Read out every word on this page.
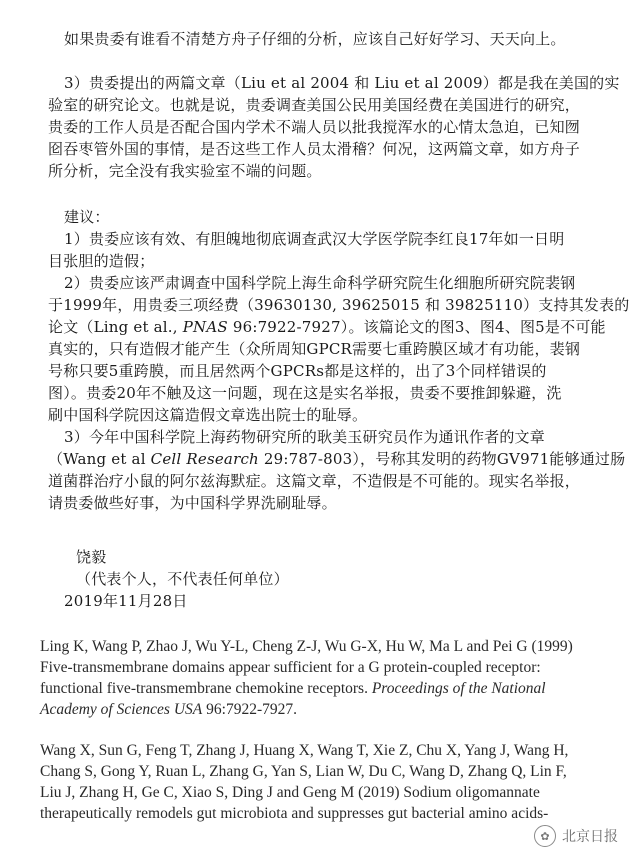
如果贵委有谁看不清楚方舟子仔细的分析，应该自己好好学习、天天向上。
3）贵委提出的两篇文章（Liu et al 2004 和 Liu et al 2009）都是我在美国的实
验室的研究论文。也就是说，贵委调查美国公民用美国经费在美国进行的研究，
贵委的工作人员是否配合国内学术不端人员以批我搅浑水的心情太急迫，已知囫
囵吞枣管外国的事情，是否这些工作人员太滑稽？何况，这两篇文章，如方舟子
所分析，完全没有我实验室不端的问题。
建议：
1）贵委应该有效、有胆魄地彻底调查武汉大学医学院李红良17年如一日明
目张胆的造假；
2）贵委应该严肃调查中国科学院上海生命科学研究院生化细胞所研究院裴钢
于1999年，用贵委三项经费（39630130, 39625015 和 39825110）支持其发表的
论文（Ling et al., PNAS 96:7922-7927）。该篇论文的图3、图4、图5是不可能
真实的，只有造假才能产生（众所周知GPCR需要七重跨膜区域才有功能，裴钢
号称只要5重跨膜，而且居然两个GPCRs都是这样的，出了3个同样错误的
图）。贵委20年不触及这一问题，现在这是实名举报，贵委不要推卸躲避，洗
刷中国科学院因这篇造假文章选出院士的耻辱。
3）今年中国科学院上海药物研究所的耿美玉研究员作为通讯作者的文章
（Wang et al Cell Research 29:787-803），号称其发明的药物GV971能够通过肠
道菌群治疗小鼠的阿尔兹海默症。这篇文章，不造假是不可能的。现实名举报，
请贵委做些好事，为中国科学界洗刷耻辱。
饶毅
（代表个人，不代表任何单位）
2019年11月28日
Ling K, Wang P, Zhao J, Wu Y-L, Cheng Z-J, Wu G-X, Hu W, Ma L and Pei G (1999)
Five-transmembrane domains appear sufficient for a G protein-coupled receptor:
functional five-transmembrane chemokine receptors. Proceedings of the National
Academy of Sciences USA 96:7922-7927.
Wang X, Sun G, Feng T, Zhang J, Huang X, Wang T, Xie Z, Chu X, Yang J, Wang H,
Chang S, Gong Y, Ruan L, Zhang G, Yan S, Lian W, Du C, Wang D, Zhang Q, Lin F,
Liu J, Zhang H, Ge C, Xiao S, Ding J and Geng M (2019) Sodium oligomannate
therapeutically remodels gut microbiota and suppresses gut bacterial amino acids-
✿ 北京日报
